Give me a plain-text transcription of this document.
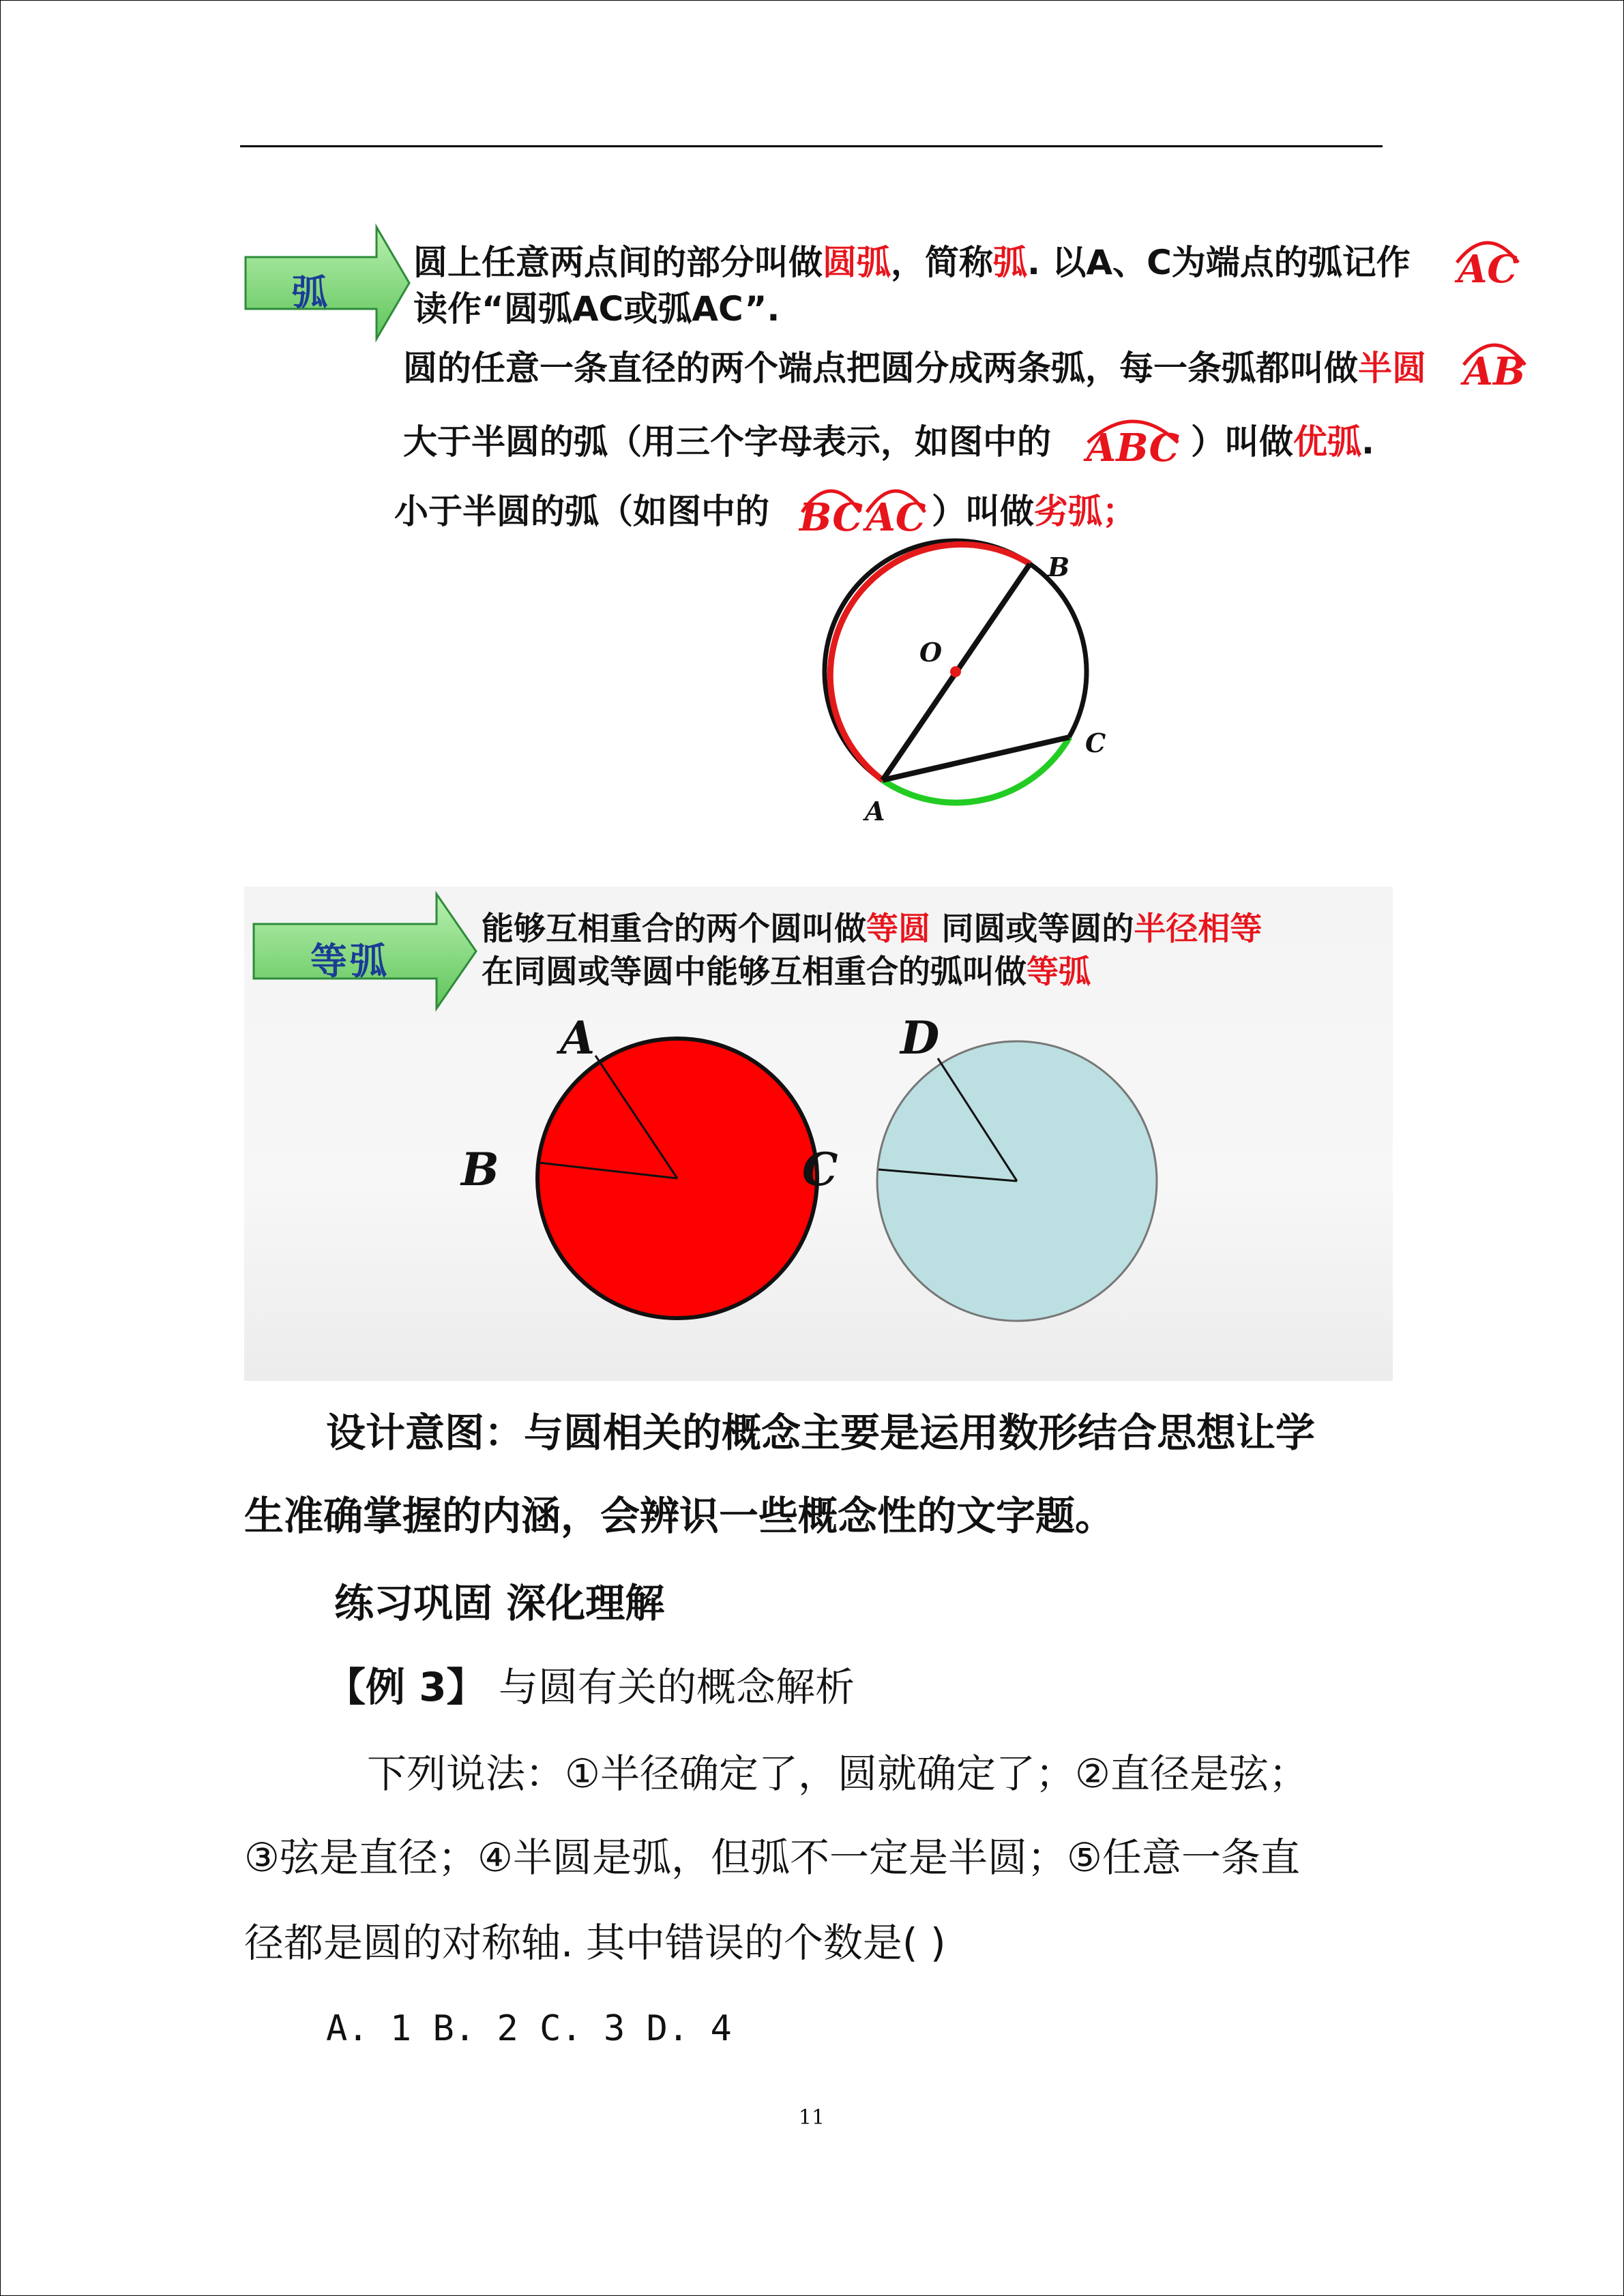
弧
圆上任意两点间的部分叫做圆弧，简称弧. 以A、C为端点的弧记作	AC
读作“圆弧AC或弧AC”.
圆的任意一条直径的两个端点把圆分成两条弧，每一条弧都叫做半圆 AB
大于半圆的弧（用三个字母表示，如图中的 ABC ）叫做优弧.
小于半圆的弧（如图中的 BC AC ）叫做劣弧；
B
O
A
C
等弧
能够互相重合的两个圆叫做等圆 同圆或等圆的半径相等
在同圆或等圆中能够互相重合的弧叫做等弧
A
B	C
D
设计意图：与圆相关的概念主要是运用数形结合思想让学
生准确掌握的内涵，会辨识一些概念性的文字题。
练习巩固 深化理解
【例 3】 与圆有关的概念解析
下列说法：①半径确定了，圆就确定了；②直径是弦；
③弦是直径；④半圆是弧，但弧不一定是半圆；⑤任意一条直
径都是圆的对称轴. 其中错误的个数是( )
A. 1 B. 2 C. 3 D. 4
11
